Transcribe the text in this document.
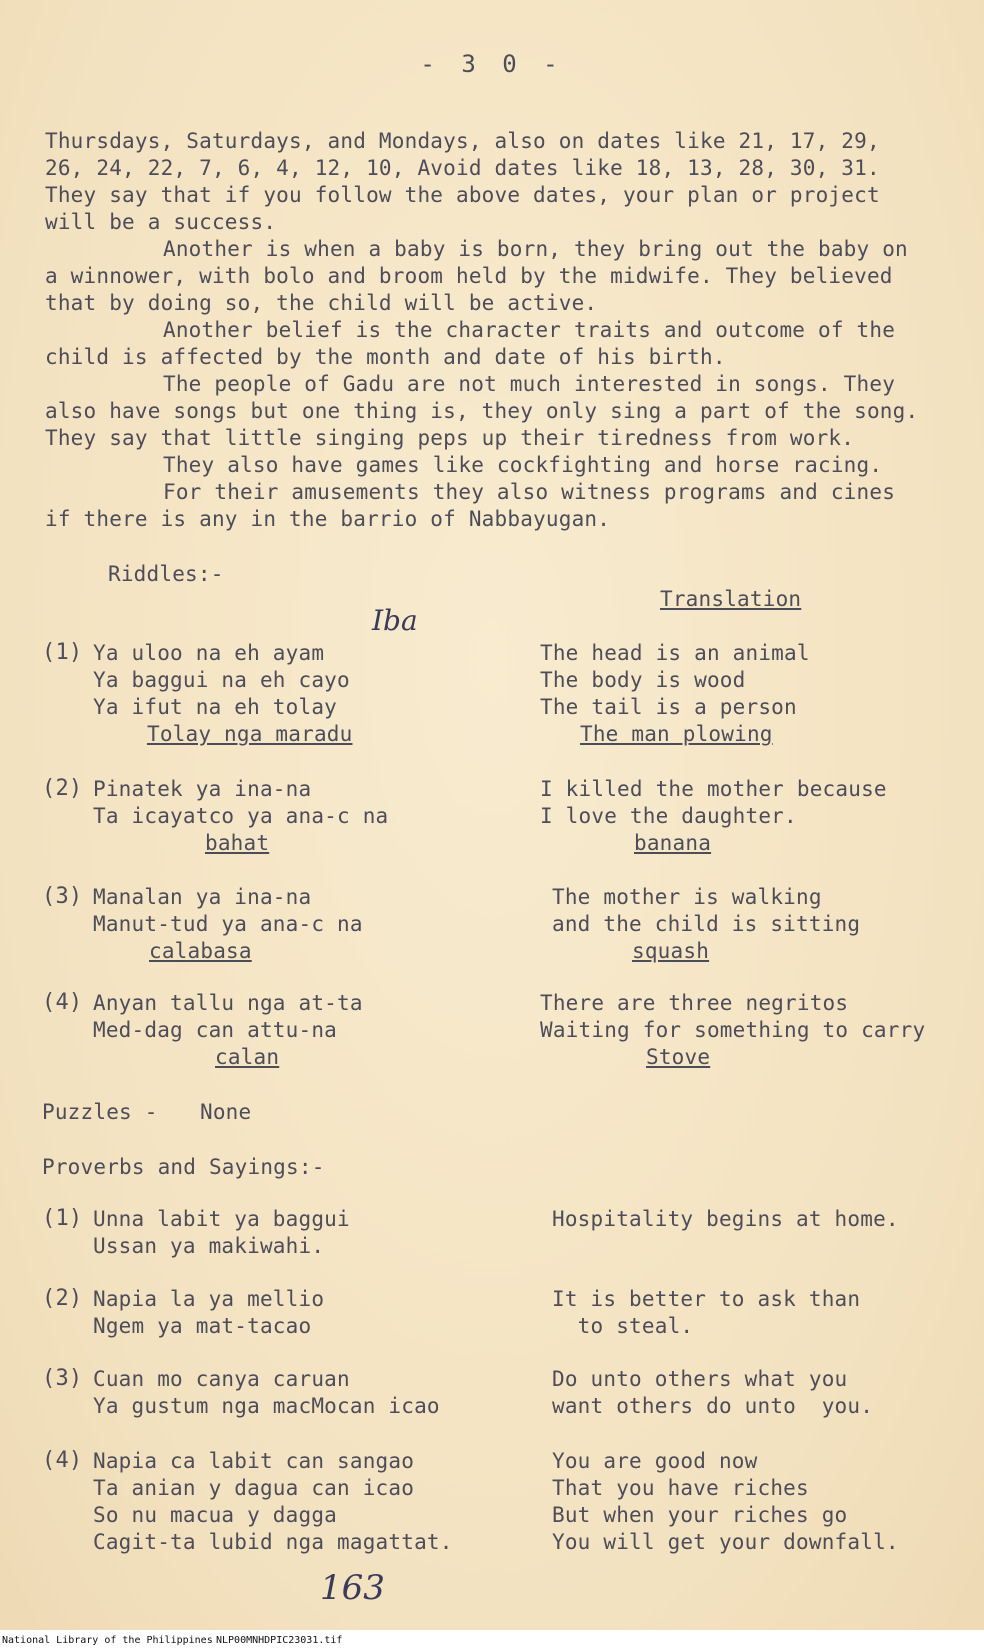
- 3 0 -
Thursdays, Saturdays, and Mondays, also on dates like 21, 17, 29,
26, 24, 22, 7, 6, 4, 12, 10, Avoid dates like 18, 13, 28, 30, 31.
They say that if you follow the above dates, your plan or project
will be a success.
Another is when a baby is born, they bring out the baby on
a winnower, with bolo and broom held by the midwife. They believed
that by doing so, the child will be active.
Another belief is the character traits and outcome of the
child is affected by the month and date of his birth.
The people of Gadu are not much interested in songs. They
also have songs but one thing is, they only sing a part of the song.
They say that little singing peps up their tiredness from work.
They also have games like cockfighting and horse racing.
For their amusements they also witness programs and cines
if there is any in the barrio of Nabbayugan.
Riddles:-
Translation
Iba
(1) Ya uloo na eh ayam
Ya baggui na eh cayo
Ya ifut na eh tolay
Tolay nga maradu
The head is an animal
The body is wood
The tail is a person
The man plowing
(2) Pinatek ya ina-na
Ta icayatco ya ana-c na
bahat
I killed the mother because
I love the daughter.
banana
(3) Manalan ya ina-na
Manut-tud ya ana-c na
calabasa
The mother is walking
and the child is sitting
squash
(4) Anyan tallu nga at-ta
Med-dag can attu-na
calan
There are three negritos
Waiting for something to carry
Stove
Puzzles - None
Proverbs and Sayings:-
(1) Unna labit ya baggui
Ussan ya makiwahi.
Hospitality begins at home.
(2) Napia la ya mellio
Ngem ya mat-tacao
It is better to ask than
to steal.
(3) Cuan mo canya caruan
Ya gustum nga macMocan icao
Do unto others what you
want others do unto  you.
(4) Napia ca labit can sangao
Ta anian y dagua can icao
So nu macua y dagga
Cagit-ta lubid nga magattat.
You are good now
That you have riches
But when your riches go
You will get your downfall.
163
National Library of the Philippines NLP00MNHDPIC23031.tif
